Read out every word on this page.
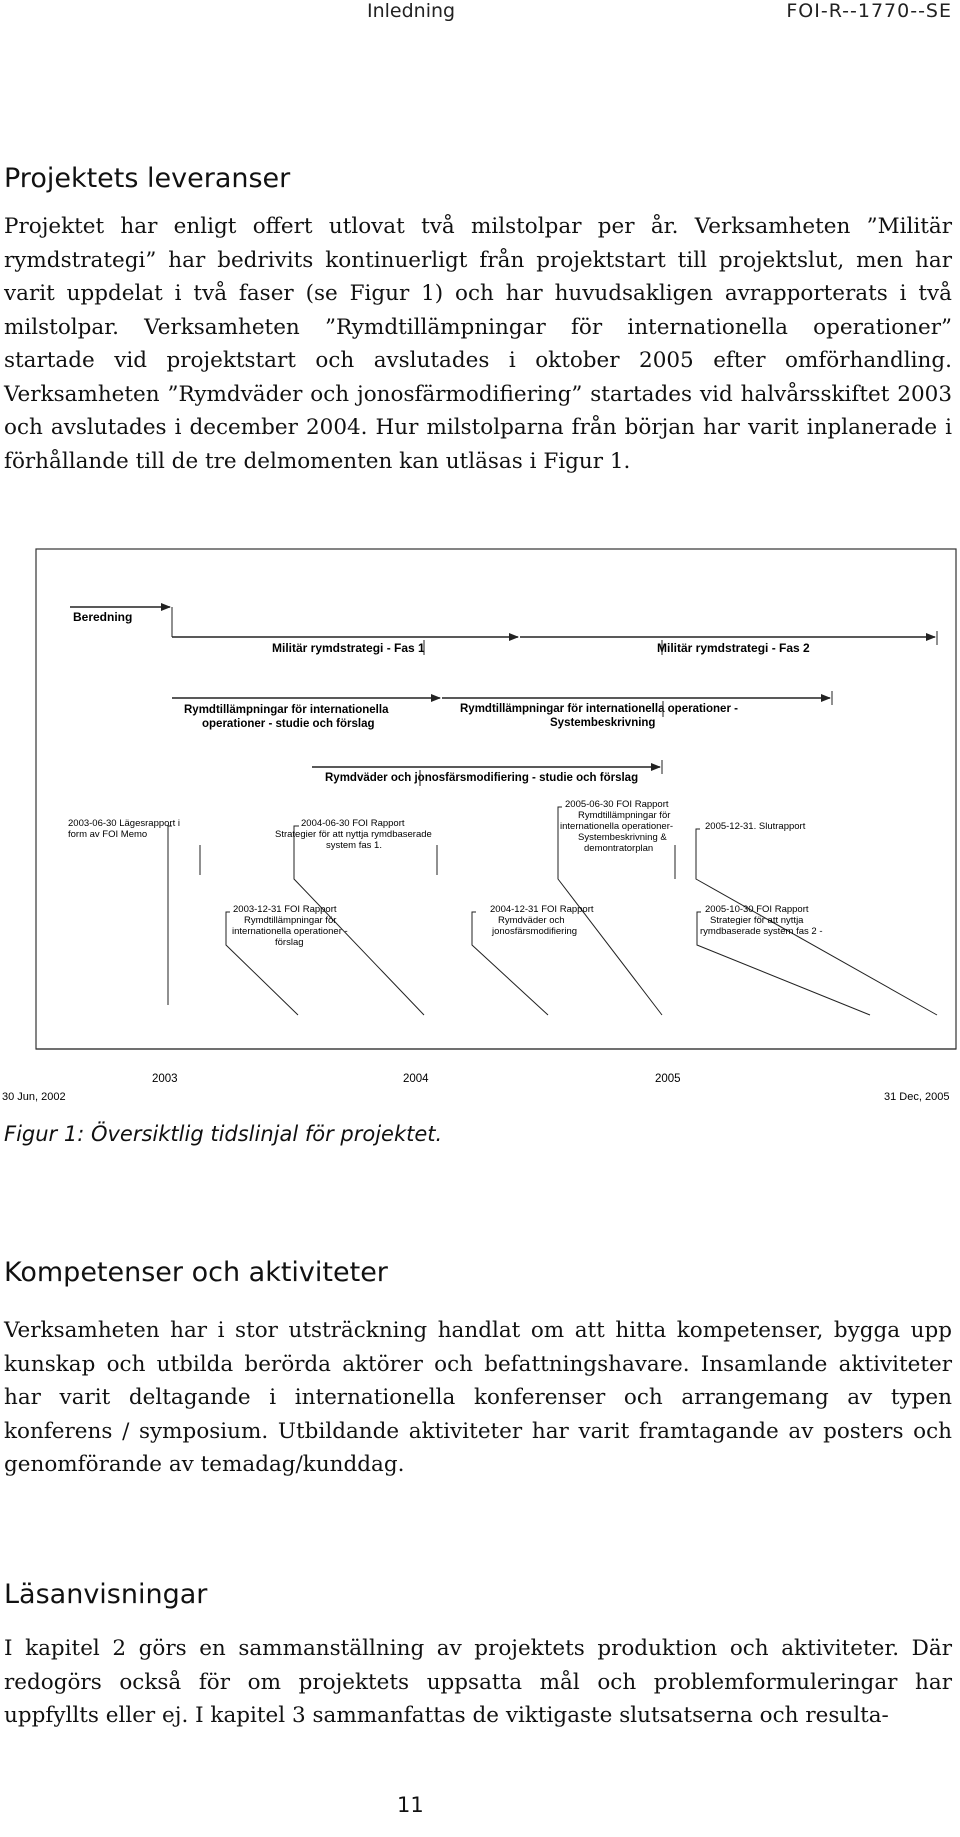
Inledning	FOI-R--1770--SE
Projektets leveranser

Projektet har enligt offert utlovat två milstolpar per år. Verksamheten ”Militär rymdstrategi” har bedrivits kontinuerligt från projektstart till projektslut, men har varit uppdelat i två faser (se Figur 1) och har huvudsakligen avrapporterats i två milstolpar. Verksamheten ”Rymdtillämpningar för internationella operationer” startade vid projektstart och avslutades i oktober 2005 efter omförhandling. Verksamheten ”Rymdväder och jonosfärmodifiering” startades vid halvårsskiftet 2003 och avslutades i december 2004. Hur milstolparna från början har varit inplanerade i förhållande till de tre delmomenten kan utläsas i Figur 1.

Beredning
Militär rymdstrategi - Fas 1	Militär rymdstrategi - Fas 2
Rymdtillämpningar för internationella
operationer - studie och förslag
Rymdtillämpningar för internationella operationer -
Systembeskrivning
Rymdväder och jonosfärsmodifiering - studie och förslag
2003-06-30 Lägesrapport i
form av FOI Memo
2004-06-30 FOI Rapport
Strategier för att nyttja rymdbaserade
system fas 1.
2005-06-30 FOI Rapport
Rymdtillämpningar för
internationella operationer-
Systembeskrivning &
demontratorplan
2005-12-31. Slutrapport
2003-12-31 FOI Rapport
Rymdtillämpningar för
internationella operationer -
förslag
2004-12-31 FOI Rapport
Rymdväder och
jonosfärsmodifiering
2005-10-30 FOI Rapport
Strategier för att nyttja
rymdbaserade system fas 2 -
2003	2004	2005
30 Jun, 2002	31 Dec, 2005

Figur 1: Översiktlig tidslinjal för projektet.

Kompetenser och aktiviteter

Verksamheten har i stor utsträckning handlat om att hitta kompetenser, bygga upp kunskap och utbilda berörda aktörer och befattningshavare. Insamlande aktiviteter har varit deltagande i internationella konferenser och arrangemang av typen konferens / symposium. Utbildande aktiviteter har varit framtagande av posters och genomförande av temadag/kunddag.

Läsanvisningar

I kapitel 2 görs en sammanställning av projektets produktion och aktiviteter. Där redogörs också för om projektets uppsatta mål och problemformuleringar har uppfyllts eller ej. I kapitel 3 sammanfattas de viktigaste slutsatserna och resulta-

11
